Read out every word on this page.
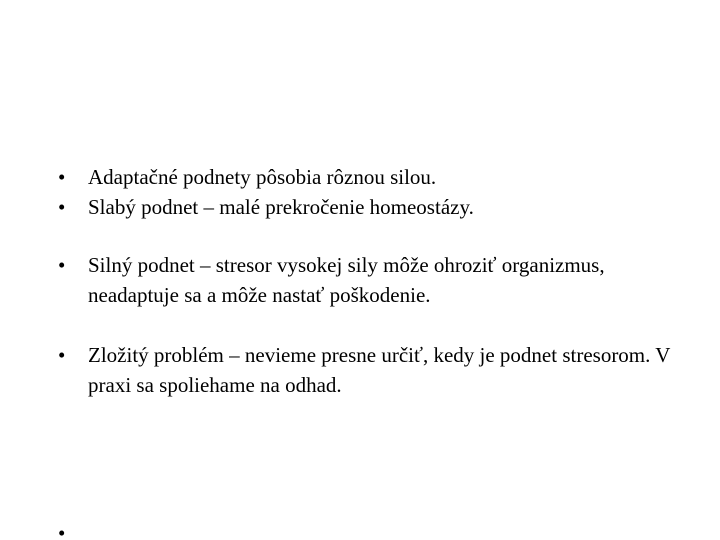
•	Adaptačné podnety pôsobia rôznou silou.
•	Slabý podnet – malé prekročenie homeostázy.
•	Silný podnet – stresor vysokej sily môže ohroziť organizmus, neadaptuje sa a môže nastať poškodenie.
•	Zložitý problém – nevieme presne určiť, kedy je podnet stresorom. V praxi sa spoliehame na odhad.
•
